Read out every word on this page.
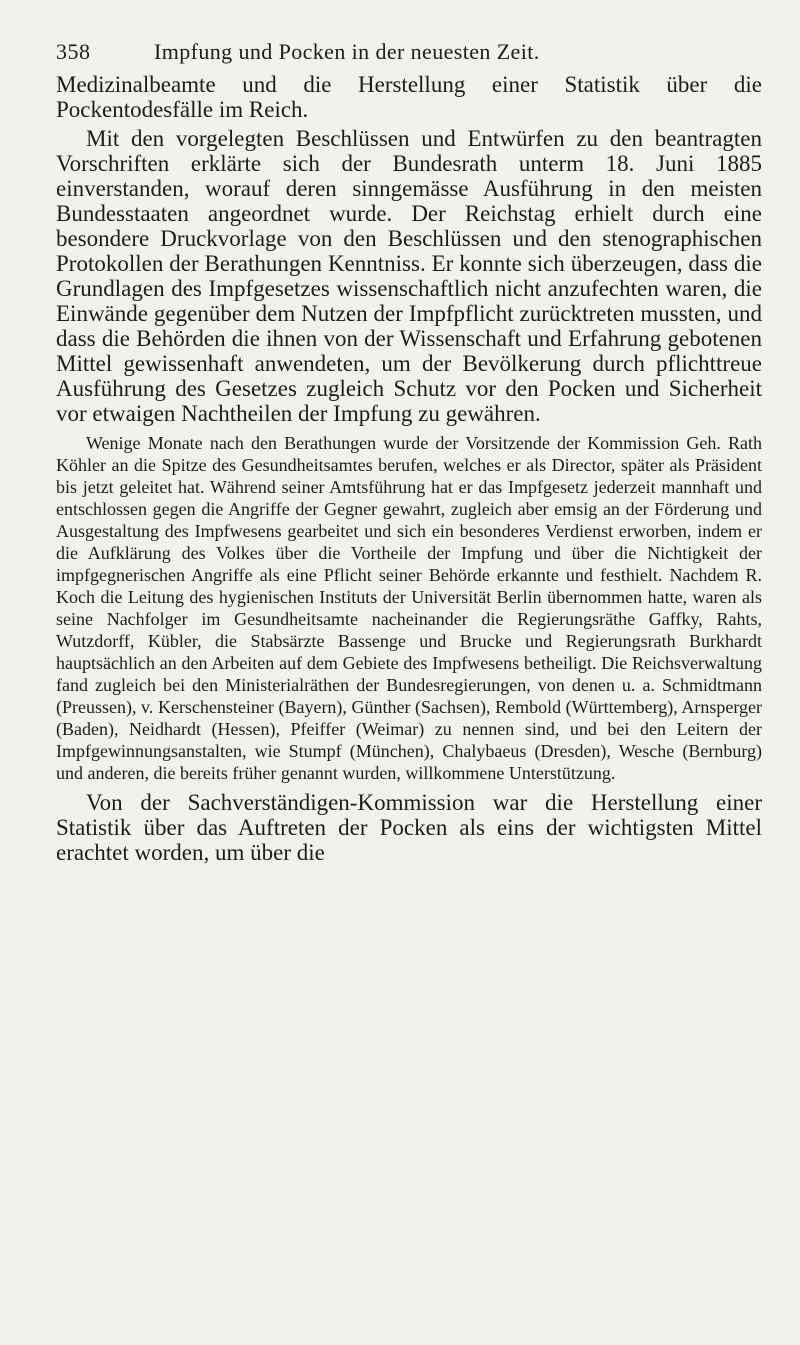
358	Impfung und Pocken in der neuesten Zeit.

Medizinalbeamte und die Herstellung einer Statistik über die Pockentodesfälle im Reich.

Mit den vorgelegten Beschlüssen und Entwürfen zu den beantragten Vorschriften erklärte sich der Bundesrath unterm 18. Juni 1885 einverstanden, worauf deren sinngemässe Ausführung in den meisten Bundesstaaten angeordnet wurde. Der Reichstag erhielt durch eine besondere Druckvorlage von den Beschlüssen und den stenographischen Protokollen der Berathungen Kenntniss. Er konnte sich überzeugen, dass die Grundlagen des Impfgesetzes wissenschaftlich nicht anzufechten waren, die Einwände gegenüber dem Nutzen der Impfpflicht zurücktreten mussten, und dass die Behörden die ihnen von der Wissenschaft und Erfahrung gebotenen Mittel gewissenhaft anwendeten, um der Bevölkerung durch pflichttreue Ausführung des Gesetzes zugleich Schutz vor den Pocken und Sicherheit vor etwaigen Nachtheilen der Impfung zu gewähren.

Wenige Monate nach den Berathungen wurde der Vorsitzende der Kommission Geh. Rath Köhler an die Spitze des Gesundheitsamtes berufen, welches er als Director, später als Präsident bis jetzt geleitet hat. Während seiner Amtsführung hat er das Impfgesetz jederzeit mannhaft und entschlossen gegen die Angriffe der Gegner gewahrt, zugleich aber emsig an der Förderung und Ausgestaltung des Impfwesens gearbeitet und sich ein besonderes Verdienst erworben, indem er die Aufklärung des Volkes über die Vortheile der Impfung und über die Nichtigkeit der impfgegnerischen Angriffe als eine Pflicht seiner Behörde erkannte und festhielt. Nachdem R. Koch die Leitung des hygienischen Instituts der Universität Berlin übernommen hatte, waren als seine Nachfolger im Gesundheitsamte nacheinander die Regierungsräthe Gaffky, Rahts, Wutzdorff, Kübler, die Stabsärzte Bassenge und Brucke und Regierungsrath Burkhardt hauptsächlich an den Arbeiten auf dem Gebiete des Impfwesens betheiligt. Die Reichsverwaltung fand zugleich bei den Ministerialräthen der Bundesregierungen, von denen u. a. Schmidtmann (Preussen), v. Kerschensteiner (Bayern), Günther (Sachsen), Rembold (Württemberg), Arnsperger (Baden), Neidhardt (Hessen), Pfeiffer (Weimar) zu nennen sind, und bei den Leitern der Impfgewinnungsanstalten, wie Stumpf (München), Chalybaeus (Dresden), Wesche (Bernburg) und anderen, die bereits früher genannt wurden, willkommene Unterstützung.

Von der Sachverständigen-Kommission war die Herstellung einer Statistik über das Auftreten der Pocken als eins der wichtigsten Mittel erachtet worden, um über die
